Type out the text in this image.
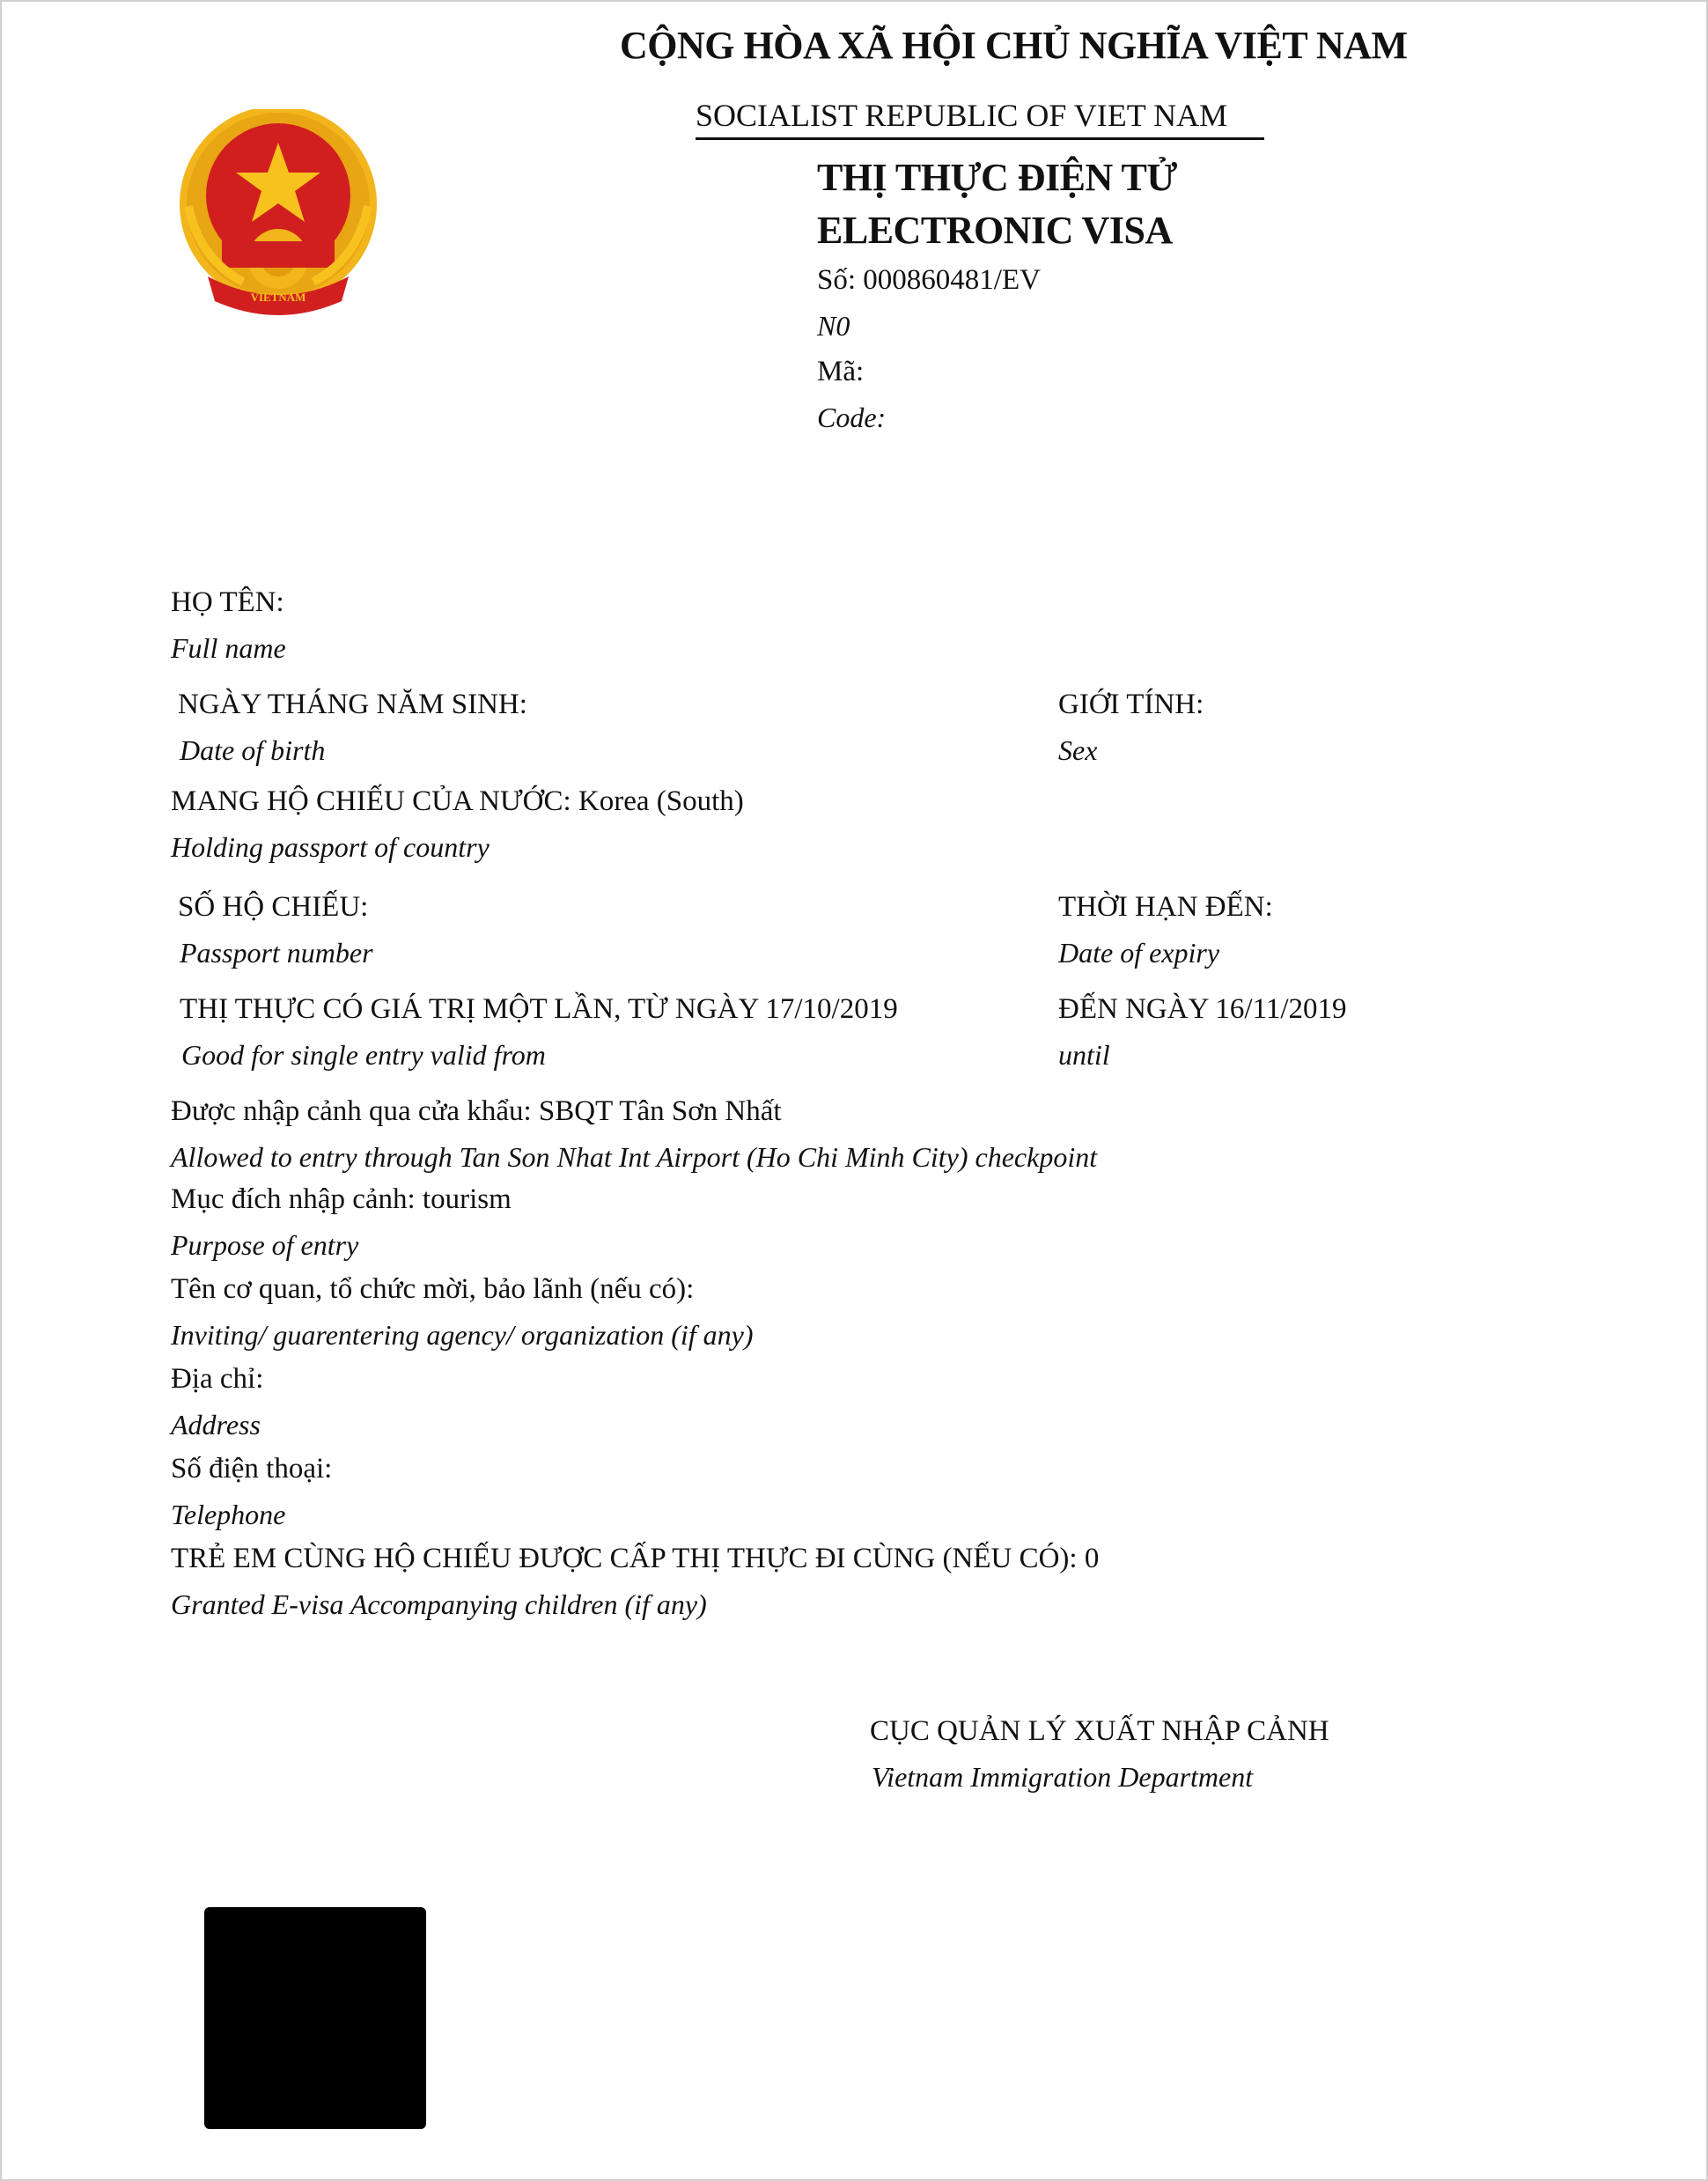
VIETNAM
CỘNG HÒA XÃ HỘI CHỦ NGHĨA VIỆT NAM
SOCIALIST REPUBLIC OF VIET NAM
THỊ THỰC ĐIỆN TỬ
ELECTRONIC VISA
Số: 000860481/EV
N0
Mã:
Code:
HỌ TÊN:
Full name
NGÀY THÁNG NĂM SINH:
Date of birth
GIỚI TÍNH:
Sex
MANG HỘ CHIẾU CỦA NƯỚC: Korea (South)
Holding passport of country
SỐ HỘ CHIẾU:
Passport number
THỜI HẠN ĐẾN:
Date of expiry
THỊ THỰC CÓ GIÁ TRỊ MỘT LẦN, TỪ NGÀY 17/10/2019
Good for single entry valid from
ĐẾN NGÀY 16/11/2019
until
Được nhập cảnh qua cửa khẩu: SBQT Tân Sơn Nhất
Allowed to entry through Tan Son Nhat Int Airport (Ho Chi Minh City) checkpoint
Mục đích nhập cảnh: tourism
Purpose of entry
Tên cơ quan, tổ chức mời, bảo lãnh (nếu có):
Inviting/ guarentering agency/ organization (if any)
Địa chỉ:
Address
Số điện thoại:
Telephone
TRẺ EM CÙNG HỘ CHIẾU ĐƯỢC CẤP THỊ THỰC ĐI CÙNG (NẾU CÓ): 0
Granted E-visa Accompanying children (if any)
CỤC QUẢN LÝ XUẤT NHẬP CẢNH
Vietnam Immigration Department
